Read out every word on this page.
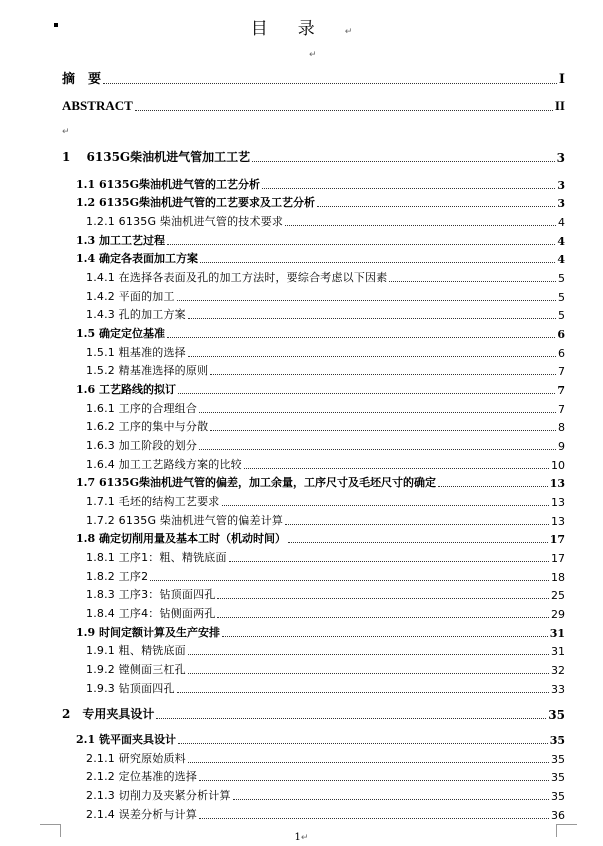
目录↵
↵
↵
摘　要	I
ABSTRACT	II
1　 6135G柴油机进气管加工工艺	3
1.1 6135G柴油机进气管的工艺分析	3
1.2 6135G柴油机进气管的工艺要求及工艺分析	3
1.2.1 6135G 柴油机进气管的技术要求	4
1.3 加工工艺过程	4
1.4 确定各表面加工方案	4
1.4.1 在选择各表面及孔的加工方法时，要综合考虑以下因素	5
1.4.2 平面的加工	5
1.4.3 孔的加工方案	5
1.5 确定定位基准	6
1.5.1 粗基准的选择	6
1.5.2 精基准选择的原则	7
1.6 工艺路线的拟订	7
1.6.1 工序的合理组合	7
1.6.2 工序的集中与分散	8
1.6.3 加工阶段的划分	9
1.6.4 加工工艺路线方案的比较	10
1.7 6135G柴油机进气管的偏差，加工余量，工序尺寸及毛坯尺寸的确定	13
1.7.1 毛坯的结构工艺要求	13
1.7.2 6135G 柴油机进气管的偏差计算	13
1.8 确定切削用量及基本工时（机动时间）	17
1.8.1 工序1：粗、精铣底面	17
1.8.2 工序2	18
1.8.3 工序3：钻顶面四孔	25
1.8.4 工序4：钻侧面两孔	29
1.9 时间定额计算及生产安排	31
1.9.1 粗、精铣底面	31
1.9.2 镗侧面三杠孔	32
1.9.3 钻顶面四孔	33
2　专用夹具设计	35
2.1 铣平面夹具设计	35
2.1.1 研究原始质料	35
2.1.2 定位基准的选择	35
2.1.3 切削力及夹紧分析计算	35
2.1.4 误差分析与计算	36
1↵
